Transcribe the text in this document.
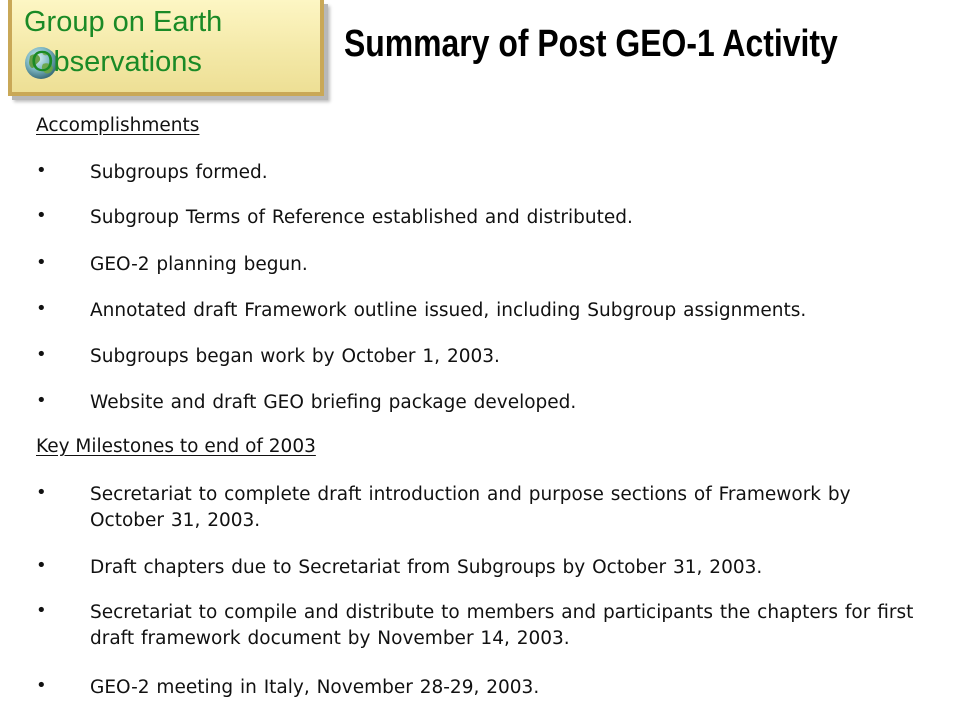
Group on Earth
Observations	Summary of Post GEO-1 Activity
Accomplishments
• Subgroups formed.
• Subgroup Terms of Reference established and distributed.
• GEO-2 planning begun.
• Annotated draft Framework outline issued, including Subgroup assignments.
• Subgroups began work by October 1, 2003.
• Website and draft GEO briefing package developed.
Key Milestones to end of 2003
• Secretariat to complete draft introduction and purpose sections of Framework by October 31, 2003.
• Draft chapters due to Secretariat from Subgroups by October 31, 2003.
• Secretariat to compile and distribute to members and participants the chapters for first draft framework document by November 14, 2003.
• GEO-2 meeting in Italy, November 28-29, 2003.
